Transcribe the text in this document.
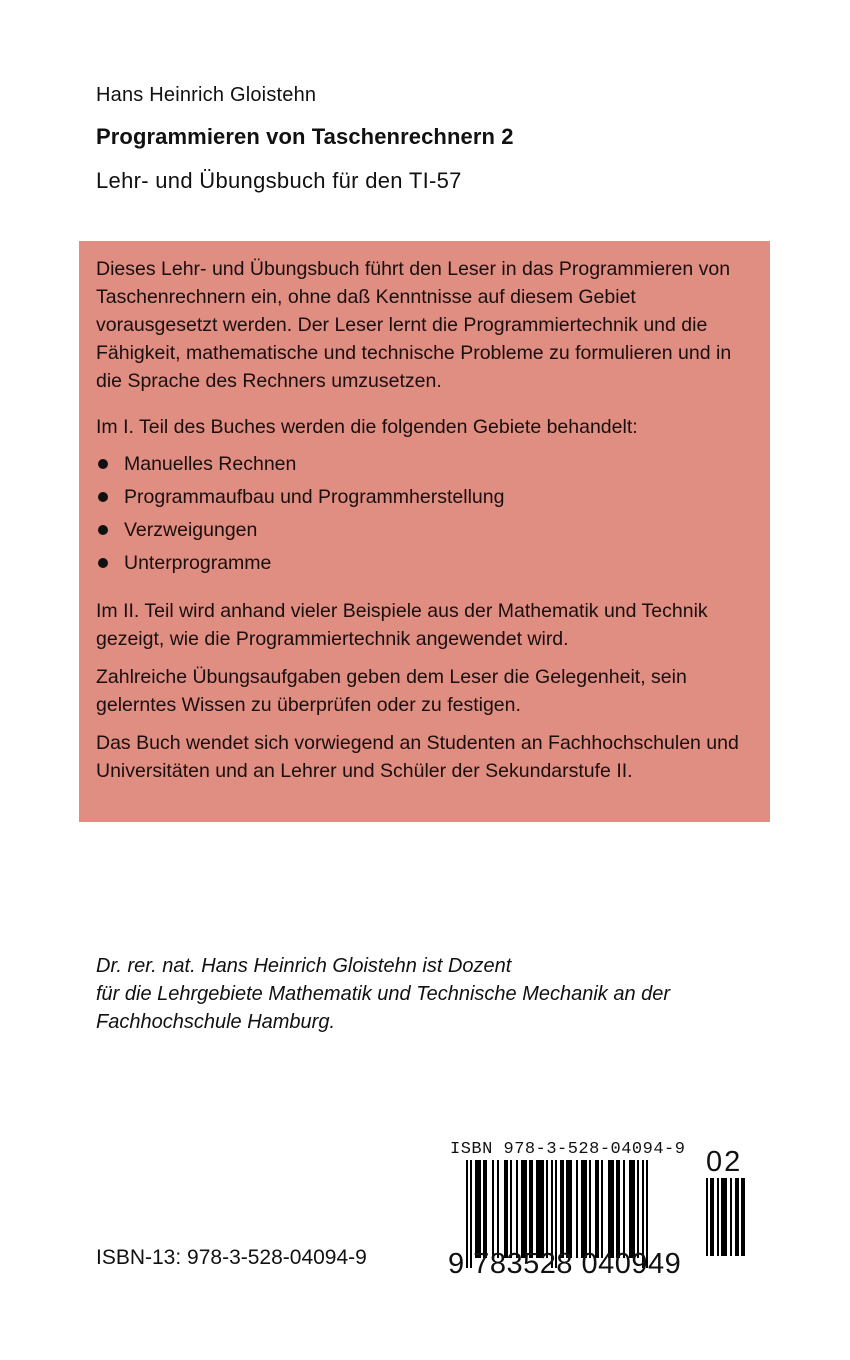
Hans Heinrich Gloistehn
Programmieren von Taschenrechnern 2
Lehr- und Übungsbuch für den TI-57

Dieses Lehr- und Übungsbuch führt den Leser in das Programmieren von Taschenrechnern ein, ohne daß Kenntnisse auf diesem Gebiet vorausgesetzt werden. Der Leser lernt die Programmiertechnik und die Fähigkeit, mathematische und technische Probleme zu formulieren und in die Sprache des Rechners umzusetzen.

Im I. Teil des Buches werden die folgenden Gebiete behandelt:

Manuelles Rechnen
Programmaufbau und Programmherstellung
Verzweigungen
Unterprogramme

Im II. Teil wird anhand vieler Beispiele aus der Mathematik und Technik gezeigt, wie die Programmiertechnik angewendet wird.

Zahlreiche Übungsaufgaben geben dem Leser die Gelegenheit, sein gelerntes Wissen zu überprüfen oder zu festigen.

Das Buch wendet sich vorwiegend an Studenten an Fachhochschulen und Universitäten und an Lehrer und Schüler der Sekundarstufe II.

Dr. rer. nat. Hans Heinrich Gloistehn ist Dozent
für die Lehrgebiete Mathematik und Technische Mechanik an der
Fachhochschule Hamburg.
ISBN-13: 978-3-528-04094-9
ISBN 978-3-528-04094-9
9 783528 040949
02
